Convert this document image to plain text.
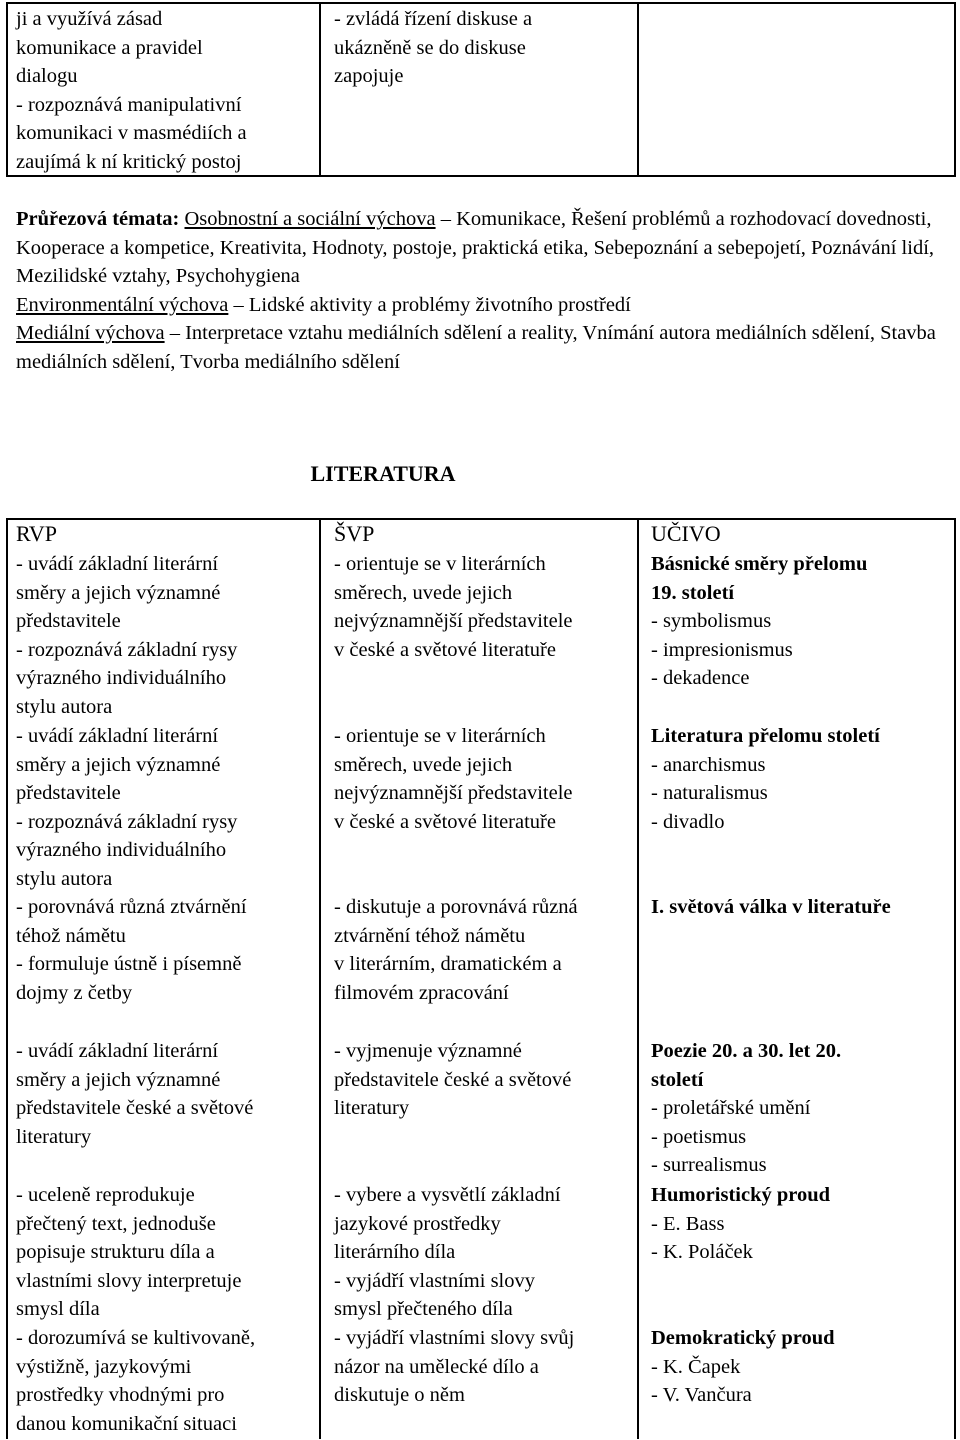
ji a využívá zásad
komunikace a pravidel
dialogu
- rozpoznává manipulativní
komunikaci v masmédiích a
zaujímá k ní kritický postoj
- zvládá řízení diskuse a
ukázněně se do diskuse
zapojuje

Průřezová témata: Osobnostní a sociální výchova – Komunikace, Řešení problémů a rozhodovací dovednosti, Kooperace a kompetice, Kreativita, Hodnoty, postoje, praktická etika, Sebepoznání a sebepojetí, Poznávání lidí, Mezilidské vztahy, Psychohygiena

Environmentální výchova – Lidské aktivity a problémy životního prostředí

Mediální výchova – Interpretace vztahu mediálních sdělení a reality, Vnímání autora mediálních sdělení, Stavba mediálních sdělení, Tvorba mediálního sdělení

LITERATURA
RVP	ŠVP	UČIVO
- uvádí základní literární
směry a jejich významné
představitele
- rozpoznává základní rysy
výrazného individuálního
stylu autora
- orientuje se v literárních
směrech, uvede jejich
nejvýznamnější představitele
v české a světové literatuře
Básnické směry přelomu
19. století
- symbolismus
- impresionismus
- dekadence
- uvádí základní literární
směry a jejich významné
představitele
- rozpoznává základní rysy
výrazného individuálního
stylu autora
- orientuje se v literárních
směrech, uvede jejich
nejvýznamnější představitele
v české a světové literatuře
Literatura přelomu století
- anarchismus
- naturalismus
- divadlo
- porovnává různá ztvárnění
téhož námětu
- formuluje ústně i písemně
dojmy z četby
- diskutuje a porovnává různá
ztvárnění téhož námětu
v literárním, dramatickém a
filmovém zpracování
I. světová válka v literatuře
- uvádí základní literární
směry a jejich významné
představitele české a světové
literatury
- vyjmenuje významné
představitele české a světové
literatury
Poezie 20. a 30. let 20.
století
- proletářské umění
- poetismus
- surrealismus
- uceleně reprodukuje
přečtený text, jednoduše
popisuje strukturu díla a
vlastními slovy interpretuje
smysl díla
- vybere a vysvětlí základní
jazykové prostředky
literárního díla
- vyjádří vlastními slovy
smysl přečteného díla
Humoristický proud
- E. Bass
- K. Poláček
- dorozumívá se kultivovaně,
výstižně, jazykovými
prostředky vhodnými pro
danou komunikační situaci
- vyjádří vlastními slovy svůj
názor na umělecké dílo a
diskutuje o něm
Demokratický proud
- K. Čapek
- V. Vančura
